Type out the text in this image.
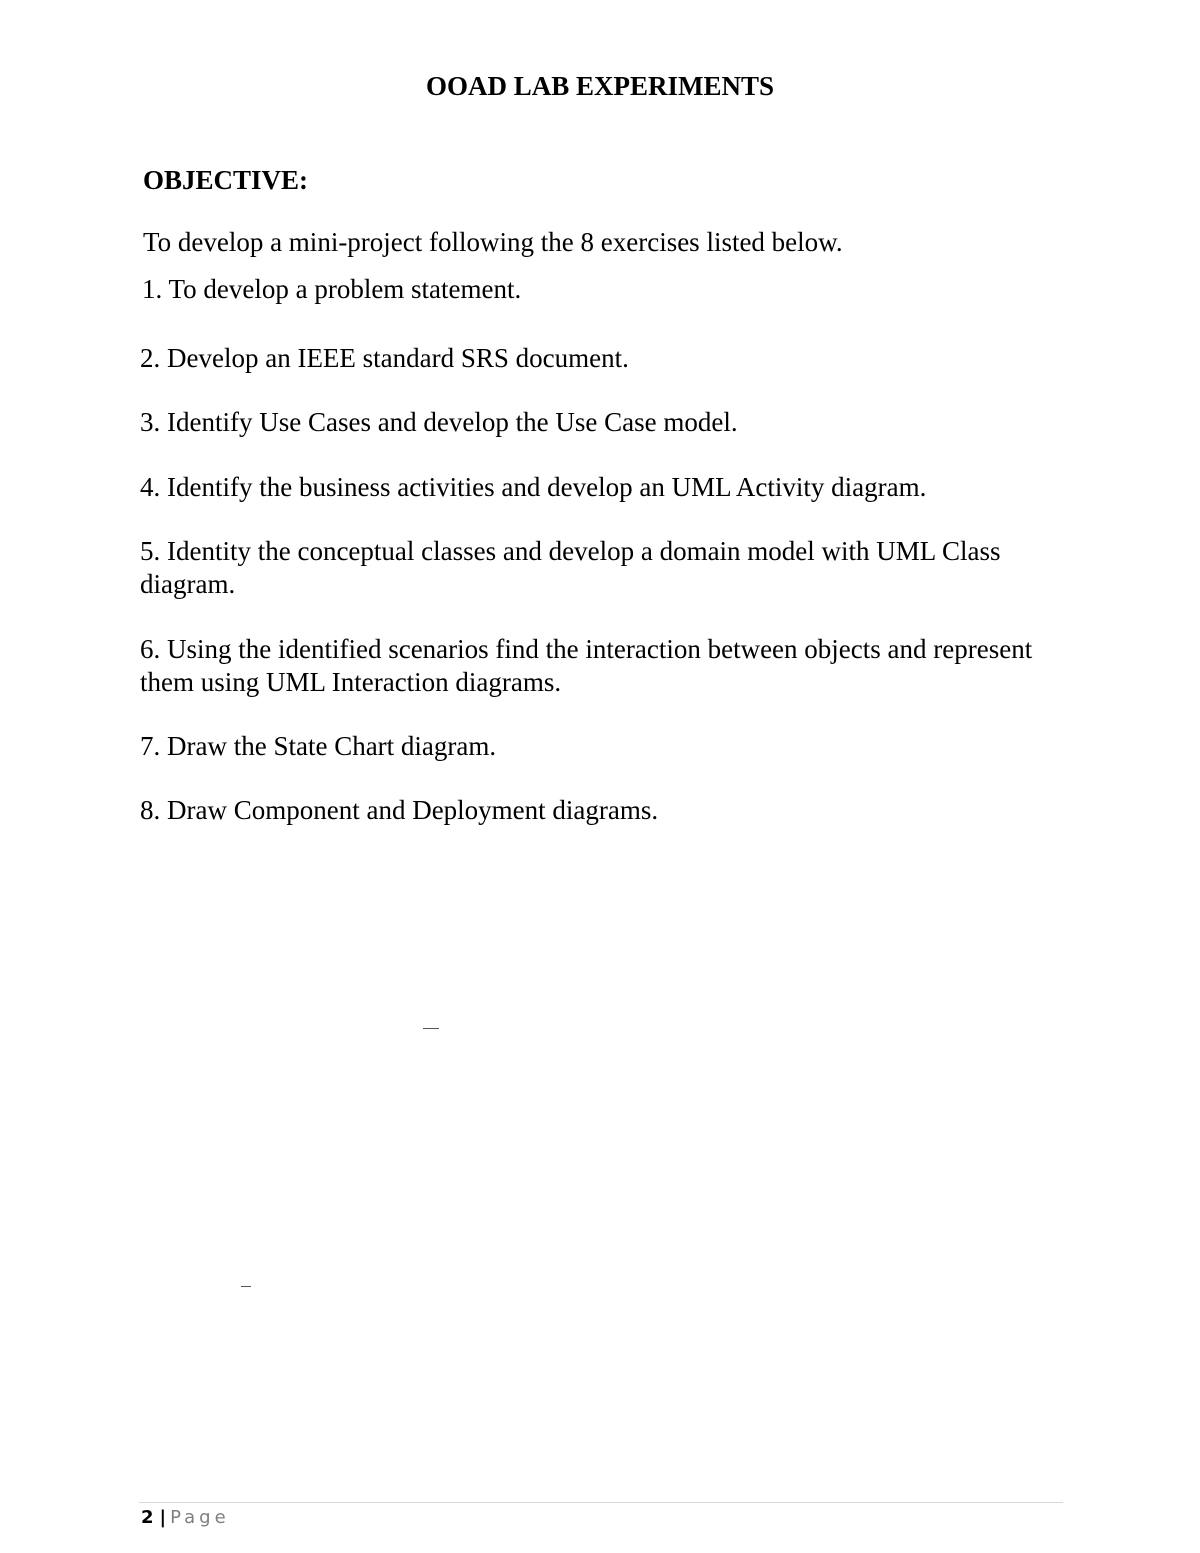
OOAD LAB EXPERIMENTS
OBJECTIVE:
To develop a mini-project following the 8 exercises listed below.
1. To develop a problem statement.
2. Develop an IEEE standard SRS document.
3. Identify Use Cases and develop the Use Case model.
4. Identify the business activities and develop an UML Activity diagram.
5. Identity the conceptual classes and develop a domain model with UML Class diagram.
6. Using the identified scenarios find the interaction between objects and represent them using UML Interaction diagrams.
7. Draw the State Chart diagram.
8. Draw Component and Deployment diagrams.
2 | Page
